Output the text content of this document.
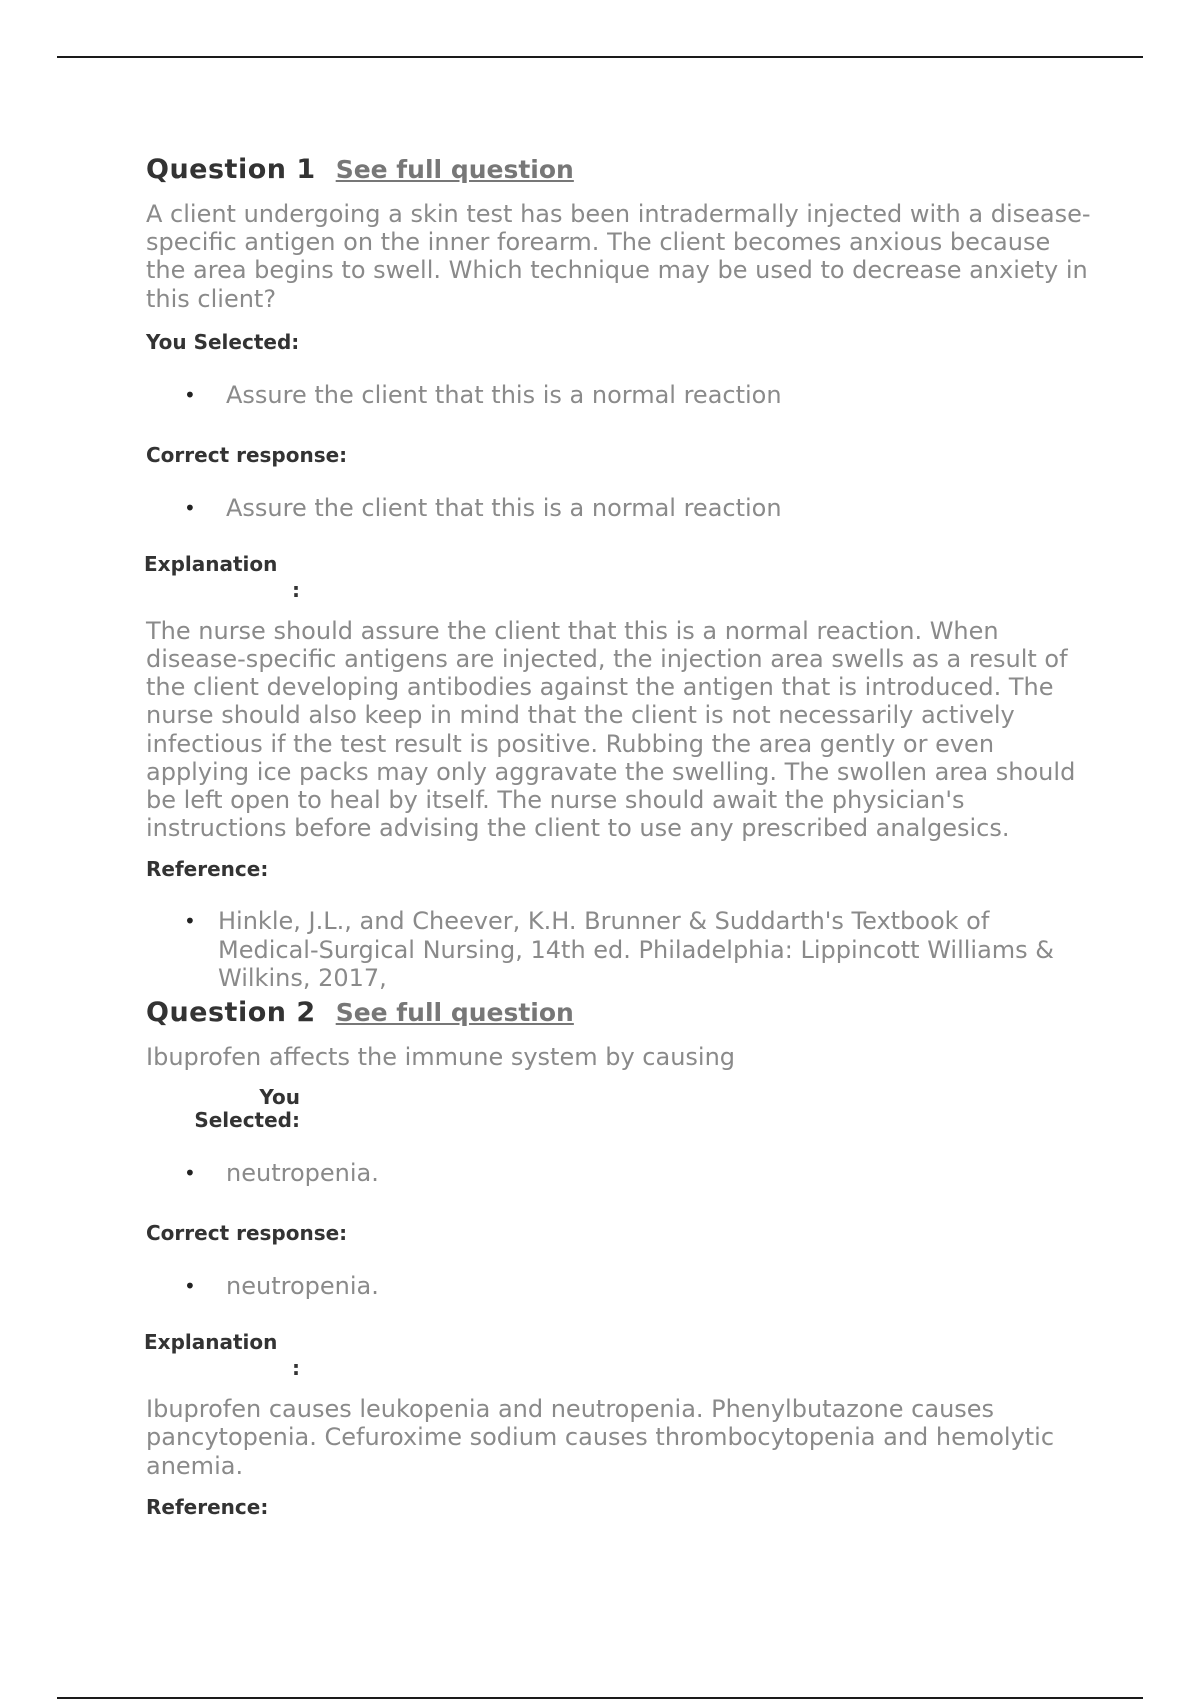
Question 1 See full question

A client undergoing a skin test has been intradermally injected with a disease-specific antigen on the inner forearm. The client becomes anxious because the area begins to swell. Which technique may be used to decrease anxiety in this client?

You Selected:

• Assure the client that this is a normal reaction

Correct response:

• Assure the client that this is a normal reaction
Explanation
:

The nurse should assure the client that this is a normal reaction. When disease-specific antigens are injected, the injection area swells as a result of the client developing antibodies against the antigen that is introduced. The nurse should also keep in mind that the client is not necessarily actively infectious if the test result is positive. Rubbing the area gently or even applying ice packs may only aggravate the swelling. The swollen area should be left open to heal by itself. The nurse should await the physician's instructions before advising the client to use any prescribed analgesics.

Reference:

• Hinkle, J.L., and Cheever, K.H. Brunner & Suddarth's Textbook of Medical-Surgical Nursing, 14th ed. Philadelphia: Lippincott Williams & Wilkins, 2017,
Question 2 See full question

Ibuprofen affects the immune system by causing

You
Selected:
• neutropenia.

Correct response:

• neutropenia.
Explanation
:

Ibuprofen causes leukopenia and neutropenia. Phenylbutazone causes pancytopenia. Cefuroxime sodium causes thrombocytopenia and hemolytic anemia.

Reference:
